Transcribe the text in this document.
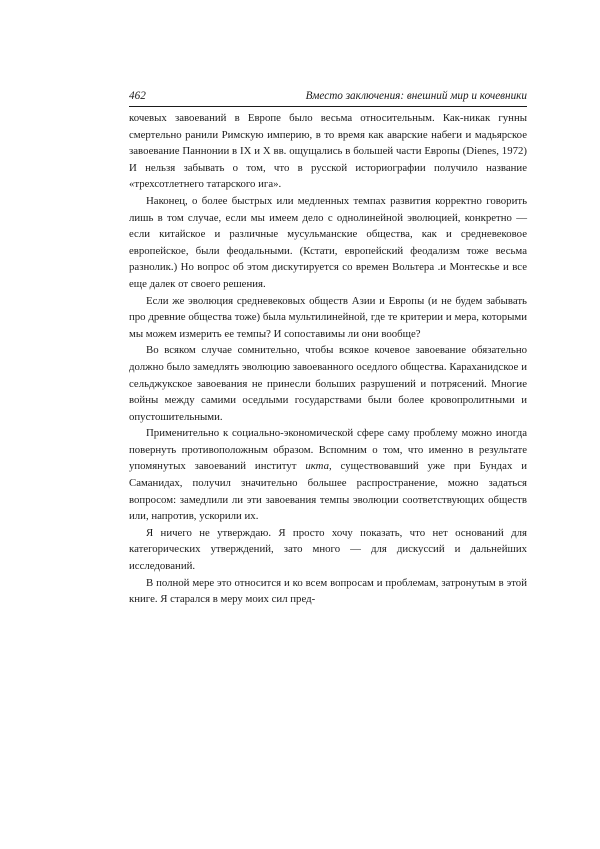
462	Вместо заключения: внешний мир и кочевники

кочевых завоеваний в Европе было весьма относительным. Как-никак гунны смертельно ранили Римскую империю, в то время как аварские набеги и мадьярское завоевание Паннонии в IX и X вв. ощущались в большей части Европы (Dienes, 1972) И нельзя забывать о том, что в русской историографии получило название «трехсотлетнего татарского ига».

Наконец, о более быстрых или медленных темпах развития корректно говорить лишь в том случае, если мы имеем дело с однолинейной эволюцией, конкретно — если китайское и различные мусульманские общества, как и средневековое европейское, были феодальными. (Кстати, европейский феодализм тоже весьма разнолик.) Но вопрос об этом дискутируется со времен Вольтера .и Монтескье и все еще далек от своего решения.

Если же эволюция средневековых обществ Азии и Европы (и не будем забывать про древние общества тоже) была мультилинейной, где те критерии и мера, которыми мы можем измерить ее темпы? И сопоставимы ли они вообще?

Во всяком случае сомнительно, чтобы всякое кочевое завоевание обязательно должно было замедлять эволюцию завоеванного оседлого общества. Караханидское и сельджукское завоевания не принесли больших разрушений и потрясений. Многие войны между самими оседлыми государствами были более кровопролитными и опустошительными.

Применительно к социально-экономической сфере саму проблему можно иногда повернуть противоположным образом. Вспомним о том, что именно в результате упомянутых завоеваний институт икта, существовавший уже при Бундах и Саманидах, получил значительно большее распространение, можно задаться вопросом: замедлили ли эти завоевания темпы эволюции соответствующих обществ или, напротив, ускорили их.

Я ничего не утверждаю. Я просто хочу показать, что нет оснований для категорических утверждений, зато много — для дискуссий и дальнейших исследований.

В полной мере это относится и ко всем вопросам и проблемам, затронутым в этой книге. Я старался в меру моих сил пред-
